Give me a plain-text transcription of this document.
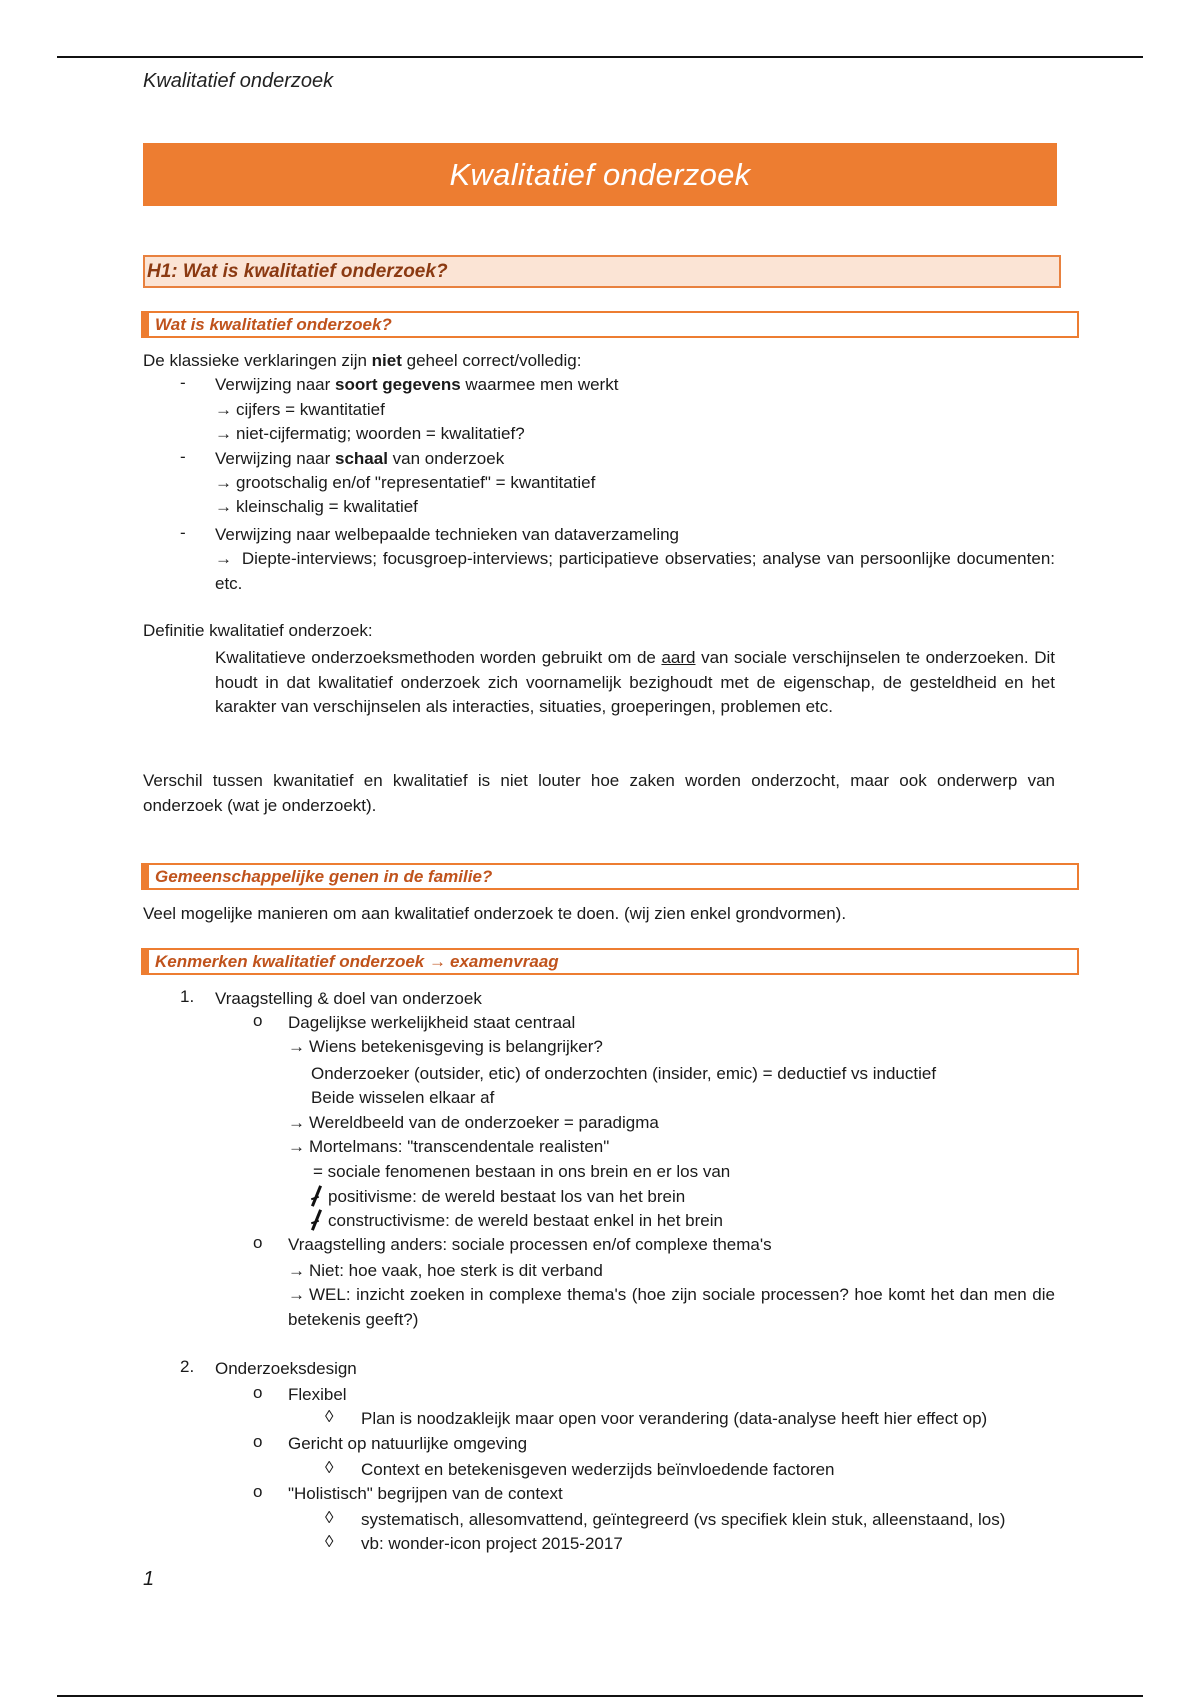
Kwalitatief onderzoek
Kwalitatief onderzoek
H1: Wat is kwalitatief onderzoek?
Wat is kwalitatief onderzoek?
De klassieke verklaringen zijn niet geheel correct/volledig:
- Verwijzing naar soort gegevens waarmee men werkt
→ cijfers = kwantitatief
→ niet-cijfermatig; woorden = kwalitatief?
- Verwijzing naar schaal van onderzoek
→ grootschalig en/of "representatief" = kwantitatief
→ kleinschalig = kwalitatief
- Verwijzing naar welbepaalde technieken van dataverzameling
→ Diepte-interviews; focusgroep-interviews; participatieve observaties; analyse van persoonlijke documenten: etc.
Definitie kwalitatief onderzoek:
Kwalitatieve onderzoeksmethoden worden gebruikt om de aard van sociale verschijnselen te onderzoeken. Dit houdt in dat kwalitatief onderzoek zich voornamelijk bezighoudt met de eigenschap, de gesteldheid en het karakter van verschijnselen als interacties, situaties, groeperingen, problemen etc.
Verschil tussen kwanitatief en kwalitatief is niet louter hoe zaken worden onderzocht, maar ook onderwerp van onderzoek (wat je onderzoekt).
Gemeenschappelijke genen in de familie?
Veel mogelijke manieren om aan kwalitatief onderzoek te doen. (wij zien enkel grondvormen).
Kenmerken kwalitatief onderzoek → examenvraag
1. Vraagstelling & doel van onderzoek
o Dagelijkse werkelijkheid staat centraal
→ Wiens betekenisgeving is belangrijker?
Onderzoeker (outsider, etic) of onderzochten (insider, emic) = deductief vs inductief
Beide wisselen elkaar af
→ Wereldbeeld van de onderzoeker = paradigma
→ Mortelmans: "transcendentale realisten"
= sociale fenomenen bestaan in ons brein en er los van
positivisme: de wereld bestaat los van het brein
constructivisme: de wereld bestaat enkel in het brein
o Vraagstelling anders: sociale processen en/of complexe thema's
→ Niet: hoe vaak, hoe sterk is dit verband
→ WEL: inzicht zoeken in complexe thema's (hoe zijn sociale processen? hoe komt het dan men die betekenis geeft?)
2. Onderzoeksdesign
o Flexibel
◊ Plan is noodzakleijk maar open voor verandering (data-analyse heeft hier effect op)
o Gericht op natuurlijke omgeving
◊ Context en betekenisgeven wederzijds beïnvloedende factoren
o "Holistisch" begrijpen van de context
◊ systematisch, allesomvattend, geïntegreerd (vs specifiek klein stuk, alleenstaand, los)
◊ vb: wonder-icon project 2015-2017
1
